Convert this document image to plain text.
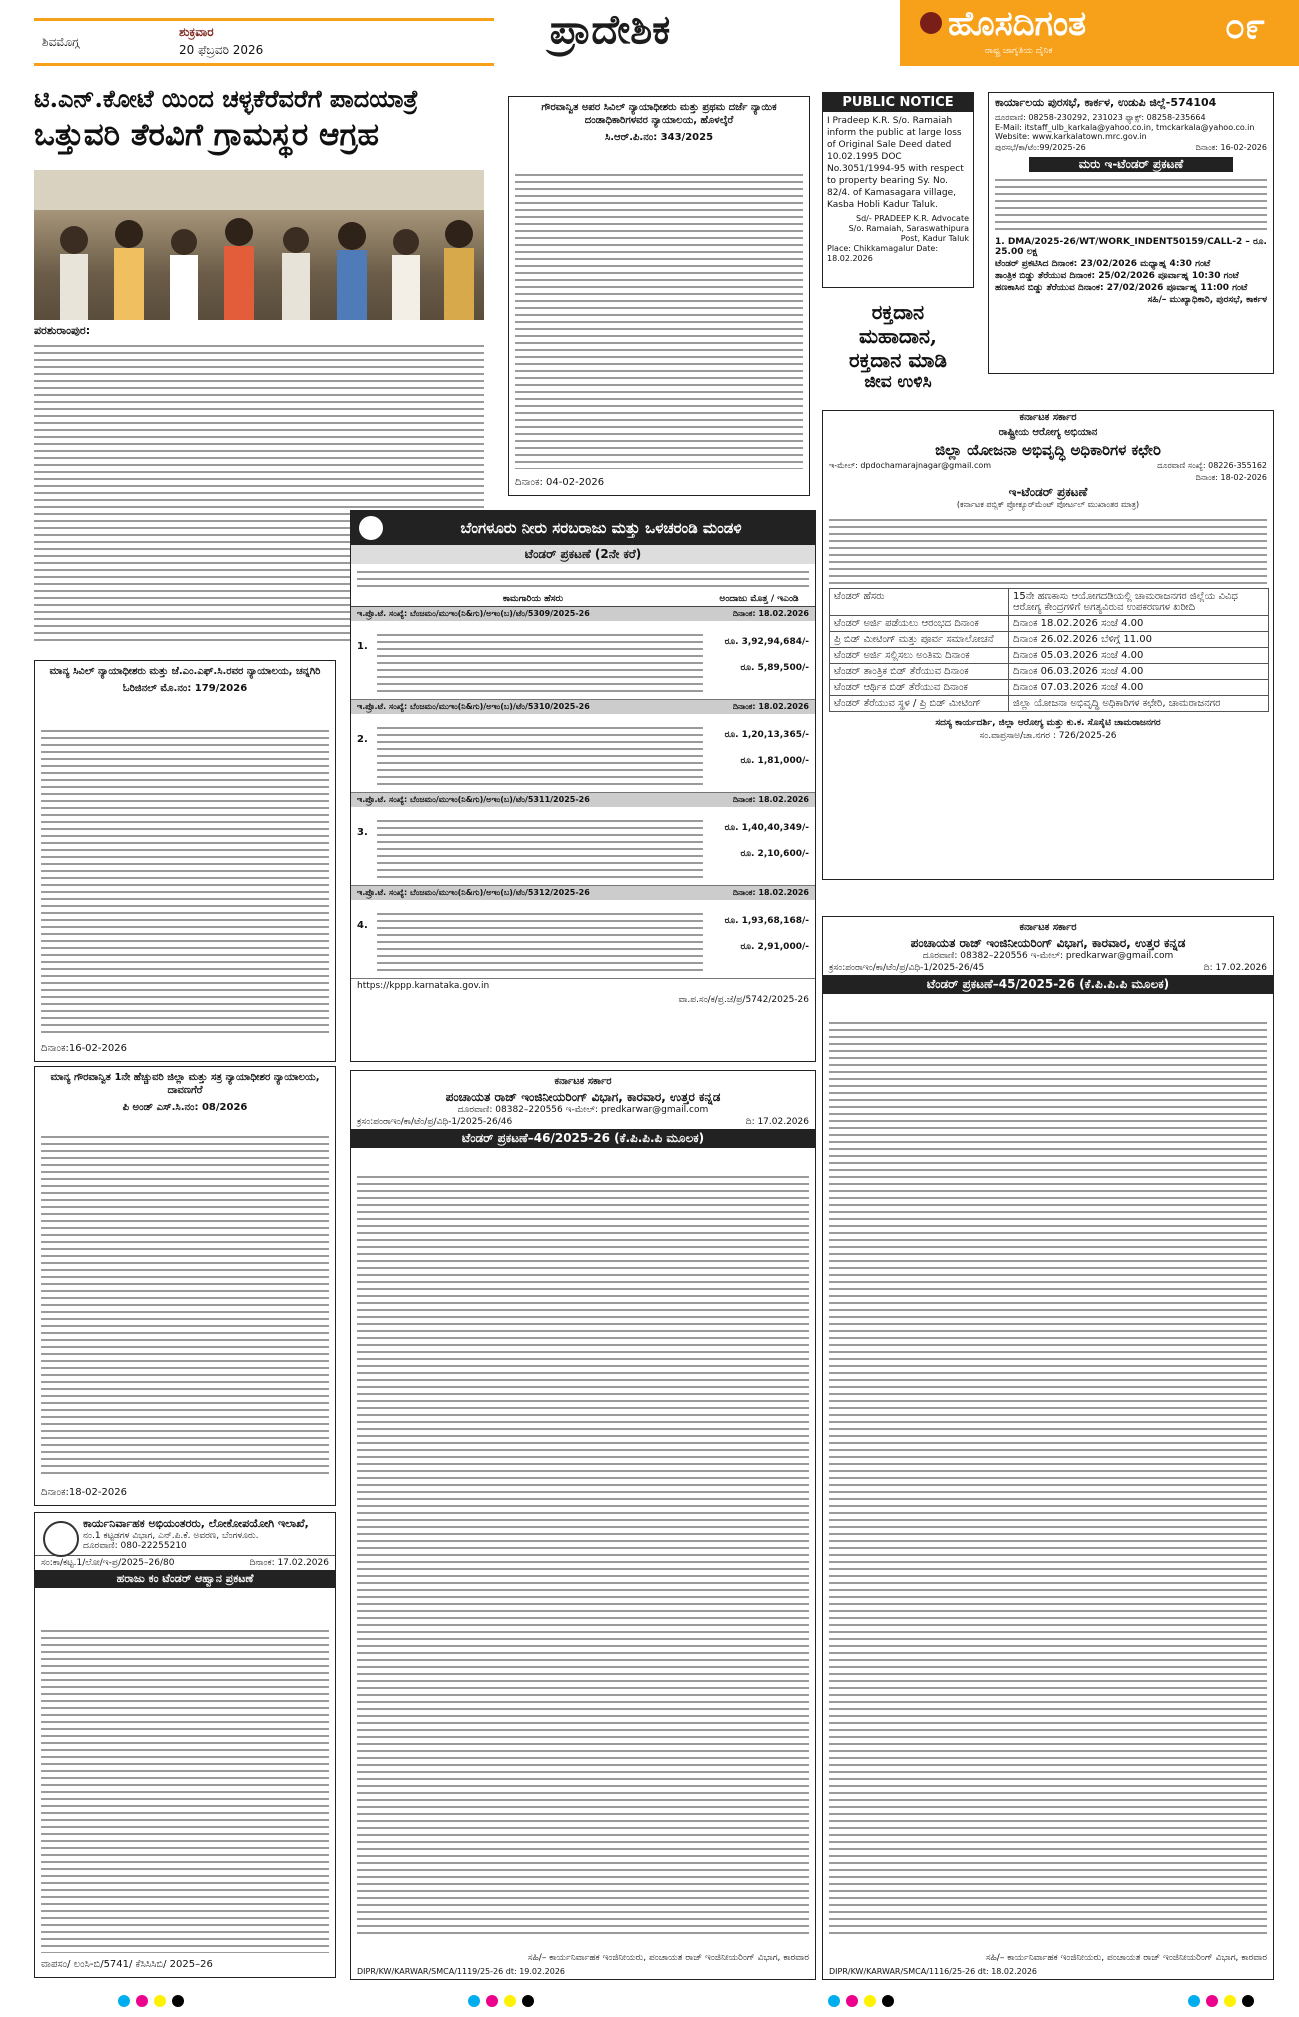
ಶಿವಮೊಗ್ಗ
ಶುಕ್ರವಾರ
20 ಫೆಬ್ರವರಿ 2026	ಪ್ರಾದೇಶಿಕ	ಹೊಸದಿಗಂತ
ರಾಷ್ಟ್ರ ಜಾಗೃತಿಯ ದೈನಿಕ
೦೯
ಟಿ.ಎನ್.ಕೋಟೆ ಯಿಂದ ಚಳ್ಳಕೆರೆವರೆಗೆ ಪಾದಯಾತ್ರೆ
ಒತ್ತುವರಿ ತೆರವಿಗೆ ಗ್ರಾಮಸ್ಥರ ಆಗ್ರಹ
ಪರಶುರಾಂಪುರ:
ಗೌರವಾನ್ವಿತ ಅಪರ ಸಿವಿಲ್ ನ್ಯಾಯಾಧೀಶರು ಮತ್ತು ಪ್ರಥಮ ದರ್ಜೆ ನ್ಯಾಯಿಕ ದಂಡಾಧಿಕಾರಿಗಳವರ ನ್ಯಾಯಾಲಯ, ಹೊಳಲ್ಕೆರೆ
ಸಿ.ಆರ್.ಪಿ.ನಂ: 343/2025
ದಿನಾಂಕ: 04-02-2026
PUBLIC NOTICE
I Pradeep K.R. S/o. Ramaiah inform the public at large loss of Original Sale Deed dated 10.02.1995 DOC No.3051/1994-95 with respect to property bearing Sy. No. 82/4. of Kamasagara village, Kasba Hobli Kadur Taluk.
Sd/- PRADEEP K.R. Advocate
S/o. Ramaiah, Saraswathipura Post, Kadur Taluk
Place: Chikkamagalur Date: 18.02.2026
ರಕ್ತದಾನ
ಮಹಾದಾನ,
ರಕ್ತದಾನ ಮಾಡಿ
ಜೀವ ಉಳಿಸಿ
ಕಾರ್ಯಾಲಯ ಪುರಸಭೆ, ಕಾರ್ಕಳ, ಉಡುಪಿ ಜಿಲ್ಲೆ-574104
ದೂರವಾಣಿ: 08258-230292, 231023 ಫ್ಯಾಕ್ಸ್: 08258-235664
E-Mail: itstaff_ulb_karkala@yahoo.co.in, tmckarkala@yahoo.co.in
Website: www.karkalatown.mrc.gov.in
ಪುರಸಭೆ/ಕಾ/ಟೆಂ:99/2025-26	ದಿನಾಂಕ: 16-02-2026
ಮರು ಇ-ಟೆಂಡರ್ ಪ್ರಕಟಣೆ
1. DMA/2025-26/WT/WORK_INDENT50159/CALL-2 – ರೂ. 25.00 ಲಕ್ಷ
ಟೆಂಡರ್ ಪ್ರಕಟಿಸಿದ ದಿನಾಂಕ: 23/02/2026 ಮಧ್ಯಾಹ್ನ 4:30 ಗಂಟೆ
ತಾಂತ್ರಿಕ ಬಿಡ್ಡು ತೆರೆಯುವ ದಿನಾಂಕ: 25/02/2026 ಪೂರ್ವಾಹ್ನ 10:30 ಗಂಟೆ
ಹಣಕಾಸಿನ ಬಿಡ್ಡು ತೆರೆಯುವ ದಿನಾಂಕ: 27/02/2026 ಪೂರ್ವಾಹ್ನ 11:00 ಗಂಟೆ
ಸಹಿ/– ಮುಖ್ಯಾಧಿಕಾರಿ, ಪುರಸಭೆ, ಕಾರ್ಕಳ
ಕರ್ನಾಟಕ ಸರ್ಕಾರ
ರಾಷ್ಟ್ರೀಯ ಆರೋಗ್ಯ ಅಭಿಯಾನ
ಜಿಲ್ಲಾ ಯೋಜನಾ ಅಭಿವೃದ್ಧಿ ಅಧಿಕಾರಿಗಳ ಕಛೇರಿ
ಇ-ಮೇಲ್: dpdochamarajnagar@gmail.com	ದೂರವಾಣಿ ಸಂಖ್ಯೆ: 08226-355162
ದಿನಾಂಕ: 18-02-2026
ಇ-ಟೆಂಡರ್ ಪ್ರಕಟಣೆ
(ಕರ್ನಾಟಕ ಪಬ್ಲಿಕ್ ಪ್ರೋಕ್ಯೂರ್‌ಮೆಂಟ್ ಪೋರ್ಟಲ್ ಮುಖಾಂತರ ಮಾತ್ರ)
ಟೆಂಡರ್ ಹೆಸರು	15ನೇ ಹಣಕಾಸು ಆಯೋಗದಡಿಯಲ್ಲಿ ಚಾಮರಾಜನಗರ ಜಿಲ್ಲೆಯ ವಿವಿಧ ಆರೋಗ್ಯ ಕೇಂದ್ರಗಳಿಗೆ ಅಗತ್ಯವಿರುವ ಉಪಕರಣಗಳ ಖರೀದಿ
ಟೆಂಡರ್ ಅರ್ಜಿ ಪಡೆಯಲು ಆರಂಭದ ದಿನಾಂಕ	ದಿನಾಂಕ 18.02.2026 ಸಂಜೆ 4.00
ಪ್ರಿ ಬಿಡ್ ಮೀಟಿಂಗ್ ಮತ್ತು ಪೂರ್ವ ಸಮಾಲೋಚನೆ	ದಿನಾಂಕ 26.02.2026 ಬೆಳಿಗ್ಗೆ 11.00
ಟೆಂಡರ್ ಅರ್ಜಿ ಸಲ್ಲಿಸಲು ಅಂತಿಮ ದಿನಾಂಕ	ದಿನಾಂಕ 05.03.2026 ಸಂಜೆ 4.00
ಟೆಂಡರ್ ತಾಂತ್ರಿಕ ಬಿಡ್ ತೆರೆಯುವ ದಿನಾಂಕ	ದಿನಾಂಕ 06.03.2026 ಸಂಜೆ 4.00
ಟೆಂಡರ್ ಆರ್ಥಿಕ ಬಿಡ್ ತೆರೆಯುವ ದಿನಾಂಕ	ದಿನಾಂಕ 07.03.2026 ಸಂಜೆ 4.00
ಟೆಂಡರ್ ತೆರೆಯುವ ಸ್ಥಳ / ಪ್ರಿ ಬಿಡ್ ಮೀಟಿಂಗ್	ಜಿಲ್ಲಾ ಯೋಜನಾ ಅಭಿವೃದ್ಧಿ ಅಧಿಕಾರಿಗಳ ಕಛೇರಿ, ಚಾಮರಾಜನಗರ
ಸದಸ್ಯ ಕಾರ್ಯದರ್ಶಿ, ಜಿಲ್ಲಾ ಆರೋಗ್ಯ ಮತ್ತು ಕು.ಕ. ಸೊಸೈಟಿ ಚಾಮರಾಜನಗರ
ಸಂ.ವಾಪ್ರಸಾಅ/ಚಾ.ನಗರ : 726/2025-26
ಬೆಂಗಳೂರು ನೀರು ಸರಬರಾಜು ಮತ್ತು ಒಳಚರಂಡಿ ಮಂಡಳಿ
ಟೆಂಡರ್ ಪ್ರಕಟಣೆ (2ನೇ ಕರೆ)
ಕಾಮಗಾರಿಯ ಹೆಸರು	ಅಂದಾಜು ಮೊತ್ತ / ಇಎಂಡಿ
ಇ.ಪ್ರೊ.ಟೆ. ಸಂಖ್ಯೆ: ಬೆಂಜಮಂ/ಮುಇಂ(ನಿ&ಗು)/ಅಇಂ(ಬ)/ಟೆಂ/5309/2025-26	ದಿನಾಂಕ: 18.02.2026
1.	ರೂ. 3,92,94,684/-
ರೂ. 5,89,500/-
ಇ.ಪ್ರೊ.ಟೆ. ಸಂಖ್ಯೆ: ಬೆಂಜಮಂ/ಮುಇಂ(ನಿ&ಗು)/ಅಇಂ(ಬ)/ಟೆಂ/5310/2025-26	ದಿನಾಂಕ: 18.02.2026
2.	ರೂ. 1,20,13,365/-
ರೂ. 1,81,000/-
ಇ.ಪ್ರೊ.ಟೆ. ಸಂಖ್ಯೆ: ಬೆಂಜಮಂ/ಮುಇಂ(ನಿ&ಗು)/ಅಇಂ(ಬ)/ಟೆಂ/5311/2025-26	ದಿನಾಂಕ: 18.02.2026
3.	ರೂ. 1,40,40,349/-
ರೂ. 2,10,600/-
ಇ.ಪ್ರೊ.ಟೆ. ಸಂಖ್ಯೆ: ಬೆಂಜಮಂ/ಮುಇಂ(ನಿ&ಗು)/ಅಇಂ(ಬ)/ಟೆಂ/5312/2025-26	ದಿನಾಂಕ: 18.02.2026
4.	ರೂ. 1,93,68,168/-
ರೂ. 2,91,000/-
https://kppp.karnataka.gov.in
ವಾ.ಪ.ಸಂ/ಕ/ಪ್ರ.ಜೆ/ಪ್ರ/5742/2025-26
ಮಾನ್ಯ ಸಿವಿಲ್ ನ್ಯಾಯಾಧೀಶರು ಮತ್ತು ಜೆ.ಎಂ.ಎಫ್.ಸಿ.ರವರ ನ್ಯಾಯಾಲಯ, ಚನ್ನಗಿರಿ
ಓರಿಜಿನಲ್ ಮೊ.ನಂ: 179/2026
ದಿನಾಂಕ:16-02-2026
ಮಾನ್ಯ ಗೌರವಾನ್ವಿತ 1ನೇ ಹೆಚ್ಚುವರಿ ಜಿಲ್ಲಾ ಮತ್ತು ಸತ್ರ ನ್ಯಾಯಾಧೀಶರ ನ್ಯಾಯಾಲಯ, ದಾವಣಗೆರೆ
ಪಿ ಅಂಡ್ ಎಸ್.ಸಿ.ನಂ: 08/2026
ದಿನಾಂಕ:18-02-2026
ಕಾರ್ಯನಿರ್ವಾಹಕ ಅಭಿಯಂತರರು, ಲೋಕೋಪಯೋಗಿ ಇಲಾಖೆ,
ನಂ.1 ಕಟ್ಟಡಗಳ ವಿಭಾಗ, ಎನ್.ಪಿ.ಕೆ. ಅವರಣ, ಬೆಂಗಳೂರು.
ದೂರವಾಣಿ: 080-22255210
ಸಂ:ಕಾ/ಕಟ್ಟ.1/ಲೋ/ಇ-ಪ್ರ/2025–26/80	ದಿನಾಂಕ: 17.02.2026
ಹರಾಜು ಕಂ ಟೆಂಡರ್ ಆಹ್ವಾನ ಪ್ರಕಟಣೆ
ವಾಪಸಂ/ ಲಂಸಿ-ಬಿ/5741/ ಕೆಸಿಸಿಸಿಬಿ/ 2025–26
ಕರ್ನಾಟಕ ಸರ್ಕಾರ
ಪಂಚಾಯತ ರಾಜ್ ಇಂಜಿನೀಯರಿಂಗ್ ವಿಭಾಗ, ಕಾರವಾರ, ಉತ್ತರ ಕನ್ನಡ
ದೂರವಾಣಿ: 08382–220556 ಇ-ಮೇಲ್: predkarwar@gmail.com
ಕ್ರಸಂ:ಪಂರಾಇಂ/ಕಾ/ಟೆಂ/ಪ್ರ/ವಿಧಿ-1/2025-26/46	ದಿ: 17.02.2026
ಟೆಂಡರ್ ಪ್ರಕಟಣೆ–46/2025-26 (ಕೆ.ಪಿ.ಪಿ.ಪಿ ಮೂಲಕ)
ಸಹಿ/– ಕಾರ್ಯನಿರ್ವಾಹಕ ಇಂಜಿನೀಯರು, ಪಂಚಾಯತ ರಾಜ್ ಇಂಜಿನೀಯರಿಂಗ್ ವಿಭಾಗ, ಕಾರವಾರ
DIPR/KW/KARWAR/SMCA/1119/25-26 dt: 19.02.2026
ಕರ್ನಾಟಕ ಸರ್ಕಾರ
ಪಂಚಾಯತ ರಾಜ್ ಇಂಜಿನೀಯರಿಂಗ್ ವಿಭಾಗ, ಕಾರವಾರ, ಉತ್ತರ ಕನ್ನಡ
ದೂರವಾಣಿ: 08382–220556 ಇ-ಮೇಲ್: predkarwar@gmail.com
ಕ್ರಸಂ:ಪಂರಾಇಂ/ಕಾ/ಟೆಂ/ಪ್ರ/ವಿಧಿ-1/2025-26/45	ದಿ: 17.02.2026
ಟೆಂಡರ್ ಪ್ರಕಟಣೆ–45/2025-26 (ಕೆ.ಪಿ.ಪಿ.ಪಿ ಮೂಲಕ)
ಸಹಿ/– ಕಾರ್ಯನಿರ್ವಾಹಕ ಇಂಜಿನೀಯರು, ಪಂಚಾಯತ ರಾಜ್ ಇಂಜಿನೀಯರಿಂಗ್ ವಿಭಾಗ, ಕಾರವಾರ
DIPR/KW/KARWAR/SMCA/1116/25-26 dt: 18.02.2026
